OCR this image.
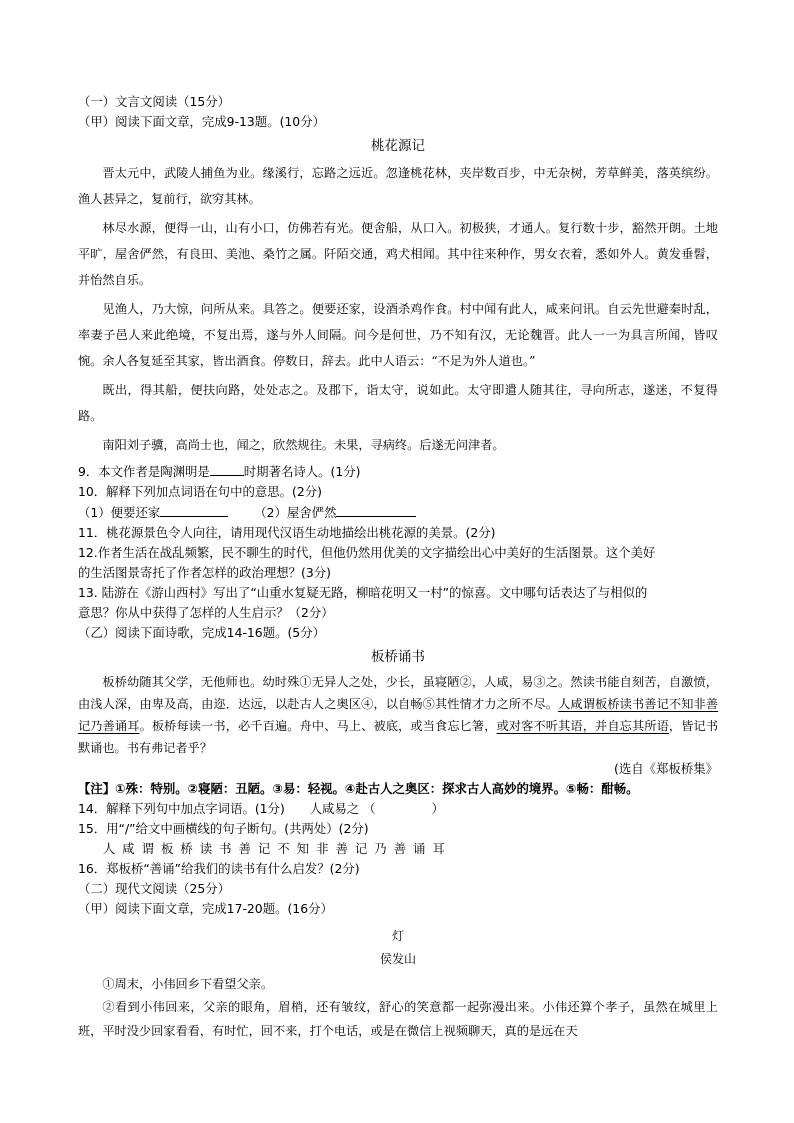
（一）文言文阅读（15分）
（甲）阅读下面文章，完成9-13题。(10分）
桃花源记

晋太元中，武陵人捕鱼为业。缘溪行，忘路之远近。忽逢桃花林，夹岸数百步，中无杂树，芳草鲜美，落英缤纷。渔人甚异之，复前行，欲穷其林。

林尽水源，便得一山，山有小口，仿佛若有光。便舍船，从口入。初极狭，才通人。复行数十步，豁然开朗。土地平旷，屋舍俨然，有良田、美池、桑竹之属。阡陌交通，鸡犬相闻。其中往来种作，男女衣着，悉如外人。黄发垂髫，并怡然自乐。

见渔人，乃大惊，问所从来。具答之。便要还家，设酒杀鸡作食。村中闻有此人，咸来问讯。自云先世避秦时乱，率妻子邑人来此绝境，不复出焉，遂与外人间隔。问今是何世，乃不知有汉，无论魏晋。此人一一为具言所闻，皆叹惋。余人各复延至其家，皆出酒食。停数日，辞去。此中人语云：“不足为外人道也。”

既出，得其船，便扶向路，处处志之。及郡下，诣太守，说如此。太守即遣人随其往，寻向所志，遂迷，不复得路。

南阳刘子骥，高尚士也，闻之，欣然规往。未果，寻病终。后遂无问津者。

9．本文作者是陶渊明是	时期著名诗人。(1分)
10．解释下列加点词语在句中的意思。(2分)
（1）便要还家	（2）屋舍俨然
11．桃花源景色令人向往，请用现代汉语生动地描绘出桃花源的美景。(2分)
12.作者生活在战乱频繁，民不聊生的时代，但他仍然用优美的文字描绘出心中美好的生活图景。这个美好
的生活图景寄托了作者怎样的政治理想？(3分)
13. 陆游在《游山西村》写出了“山重水复疑无路，柳暗花明又一村”的惊喜。文中哪句话表达了与相似的
意思？你从中获得了怎样的人生启示？（2分）
（乙）阅读下面诗歌，完成14-16题。(5分）
板桥诵书

板桥幼随其父学，无他师也。幼时殊①无异人之处，少长，虽寝陋②，人咸，易③之。然读书能自刻苦，自激愤，由浅人深，由卑及高，由迩．达远，以赴古人之奥区④，以自畅⑤其性情才力之所不尽。人咸谓板桥读书善记不知非善记乃善诵耳。板桥每读一书，必千百遍。舟中、马上、被底，或当食忘匕箸，或对客不听其语，并自忘其所语，皆记书默诵也。书有弗记者乎？

(选自《郑板桥集》
【注】①殊：特别。②寝陋：丑陋。③易：轻视。④赴古人之奥区：探求古人高妙的境界。⑤畅：酣畅。
14．解释下列句中加点字词语。(1分)　　人咸易之 （	）
15．用“/”给文中画横线的句子断句。(共两处）(2分)
人咸谓板桥读书善记不知非善记乃善诵耳
16．郑板桥“善诵”给我们的读书有什么启发？(2分)
（二）现代文阅读（25分）
（甲）阅读下面文章，完成17-20题。(16分）
灯
侯发山

①周末，小伟回乡下看望父亲。

②看到小伟回来，父亲的眼角，眉梢，还有皱纹，舒心的笑意都一起弥漫出来。小伟还算个孝子，虽然在城里上班，平时没少回家看看，有时忙，回不来，打个电话，或是在微信上视频聊天，真的是远在天
